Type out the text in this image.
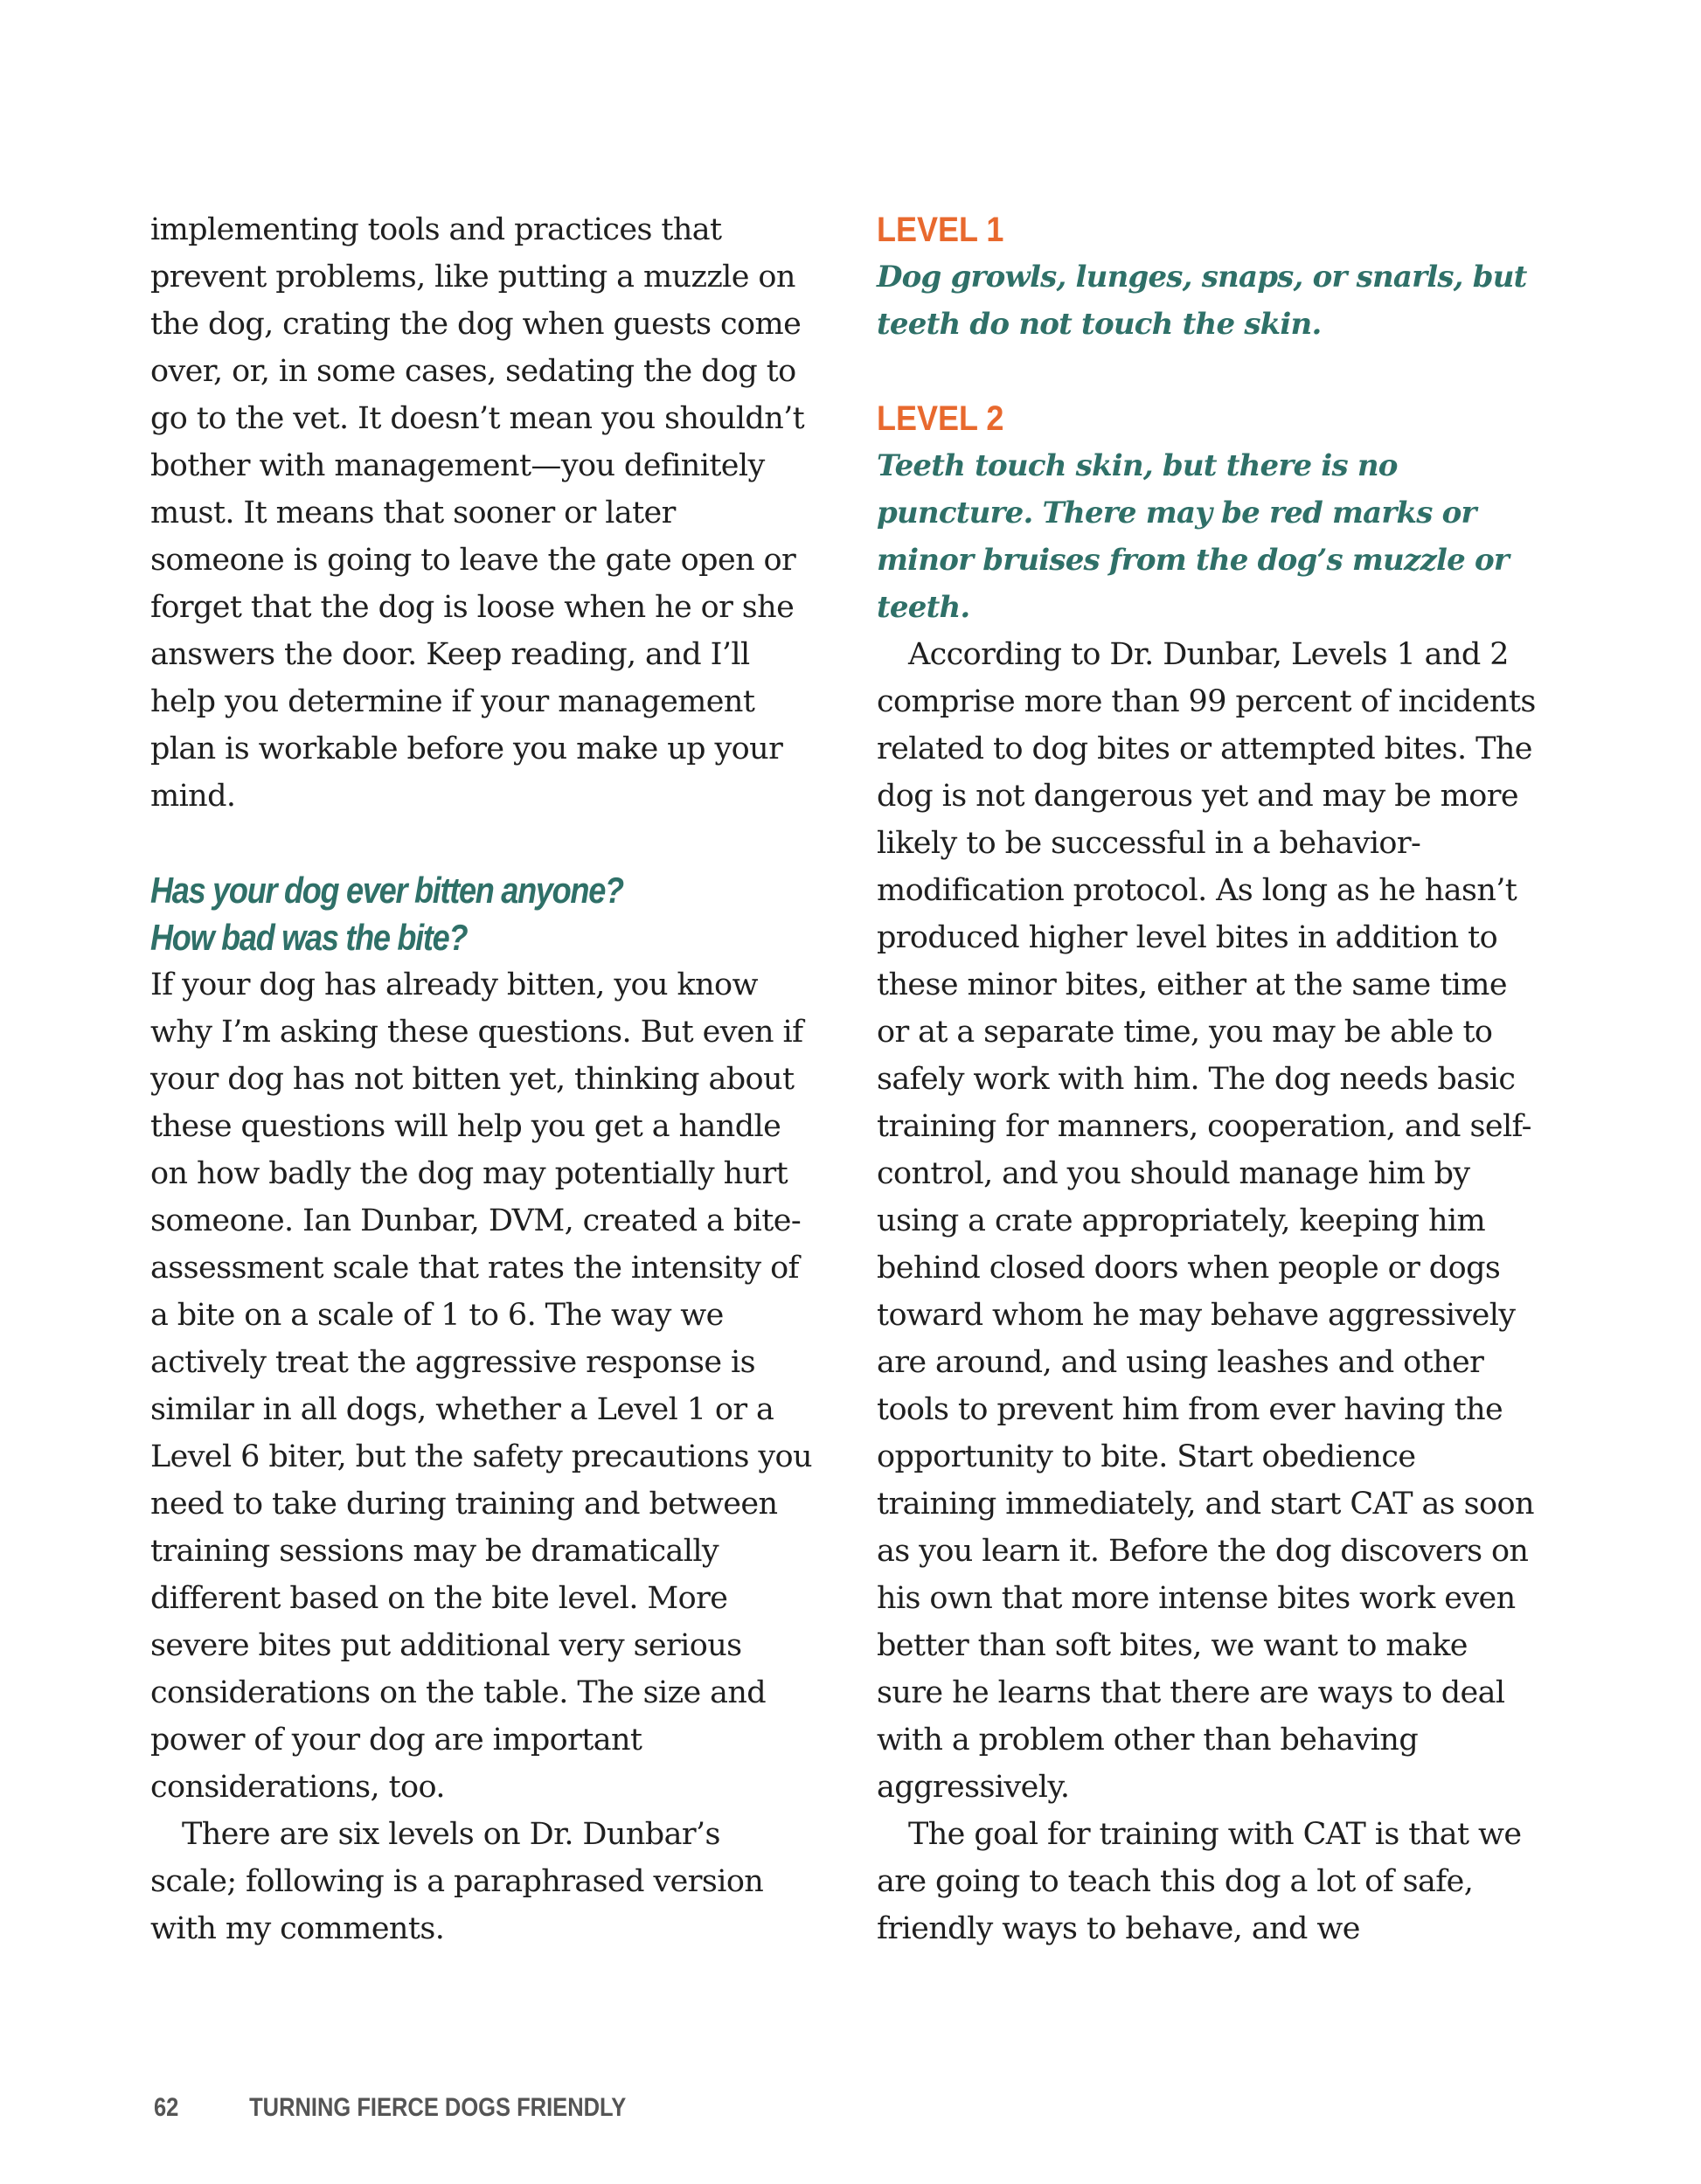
implementing tools and practices that prevent problems, like putting a muzzle on the dog, crating the dog when guests come over, or, in some cases, sedating the dog to go to the vet. It doesn’t mean you shouldn’t bother with management—you definitely must. It means that sooner or later someone is going to leave the gate open or forget that the dog is loose when he or she answers the door. Keep reading, and I’ll help you determine if your management plan is workable before you make up your mind.

Has your dog ever bitten anyone?

How bad was the bite?

If your dog has already bitten, you know why I’m asking these questions. But even if your dog has not bitten yet, thinking about these questions will help you get a handle on how badly the dog may potentially hurt someone. Ian Dunbar, DVM, created a bite-assessment scale that rates the intensity of a bite on a scale of 1 to 6. The way we actively treat the aggressive response is similar in all dogs, whether a Level 1 or a Level 6 biter, but the safety precautions you need to take during training and between training sessions may be dramatically different based on the bite level. More severe bites put additional very serious considerations on the table. The size and power of your dog are important considerations, too.

There are six levels on Dr. Dunbar’s scale; following is a paraphrased version with my comments.

LEVEL 1

Dog growls, lunges, snaps, or snarls, but teeth do not touch the skin.

LEVEL 2

Teeth touch skin, but there is no puncture. There may be red marks or minor bruises from the dog’s muzzle or teeth.

According to Dr. Dunbar, Levels 1 and 2 comprise more than 99 percent of incidents related to dog bites or attempted bites. The dog is not dangerous yet and may be more likely to be successful in a behavior-modification protocol. As long as he hasn’t produced higher level bites in addition to these minor bites, either at the same time or at a separate time, you may be able to safely work with him. The dog needs basic training for manners, cooperation, and self-control, and you should manage him by using a crate appropriately, keeping him behind closed doors when people or dogs toward whom he may behave aggressively are around, and using leashes and other tools to prevent him from ever having the opportunity to bite. Start obedience training immediately, and start CAT as soon as you learn it. Before the dog discovers on his own that more intense bites work even better than soft bites, we want to make sure he learns that there are ways to deal with a problem other than behaving aggressively.

The goal for training with CAT is that we are going to teach this dog a lot of safe, friendly ways to behave, and we

62	TURNING FIERCE DOGS FRIENDLY
